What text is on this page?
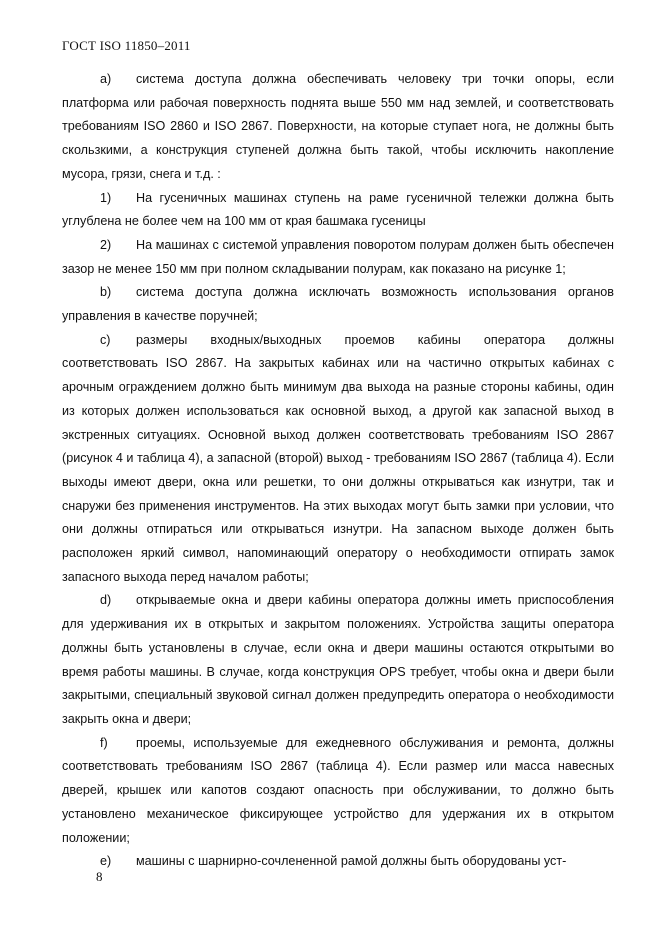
ГОСТ ISO 11850–2011

a) система доступа должна обеспечивать человеку три точки опоры, если платформа или рабочая поверхность поднята выше 550 мм над землей, и соответствовать требованиям ISO 2860 и ISO 2867. Поверхности, на которые ступает нога, не должны быть скользкими, а конструкция ступеней должна быть такой, чтобы исключить накопление мусора, грязи, снега и т.д. :

1) На гусеничных машинах ступень на раме гусеничной тележки должна быть углублена не более чем на 100 мм от края башмака гусеницы

2) На машинах с системой управления поворотом полурам должен быть обеспечен зазор не менее 150 мм при полном складывании полурам, как показано на рисунке 1;

b) система доступа должна исключать возможность использования органов управления в качестве поручней;

c) размеры входных/выходных проемов кабины оператора должны соответствовать ISO 2867. На закрытых кабинах или на частично открытых кабинах с арочным ограждением должно быть минимум два выхода на разные стороны кабины, один из которых должен использоваться как основной выход, а другой как запасной выход в экстренных ситуациях. Основной выход должен соответствовать требованиям ISO 2867 (рисунок 4 и таблица 4), а запасной (второй) выход - требованиям ISO 2867 (таблица 4). Если выходы имеют двери, окна или решетки, то они должны открываться как изнутри, так и снаружи без применения инструментов. На этих выходах могут быть замки при условии, что они должны отпираться или открываться изнутри. На запасном выходе должен быть расположен яркий символ, напоминающий оператору о необходимости отпирать замок запасного выхода перед началом работы;

d) открываемые окна и двери кабины оператора должны иметь приспособления для удерживания их в открытых и закрытом положениях. Устройства защиты оператора должны быть установлены в случае, если окна и двери машины остаются открытыми во время работы машины. В случае, когда конструкция OPS требует, чтобы окна и двери были закрытыми, специальный звуковой сигнал должен предупредить оператора о необходимости закрыть окна и двери;

f) проемы, используемые для ежедневного обслуживания и ремонта, должны соответствовать требованиям ISO 2867 (таблица 4). Если размер или масса навесных дверей, крышек или капотов создают опасность при обслуживании, то должно быть установлено механическое фиксирующее устройство для удержания их в открытом положении;

e) машины с шарнирно-сочлененной рамой должны быть оборудованы уст-

8
